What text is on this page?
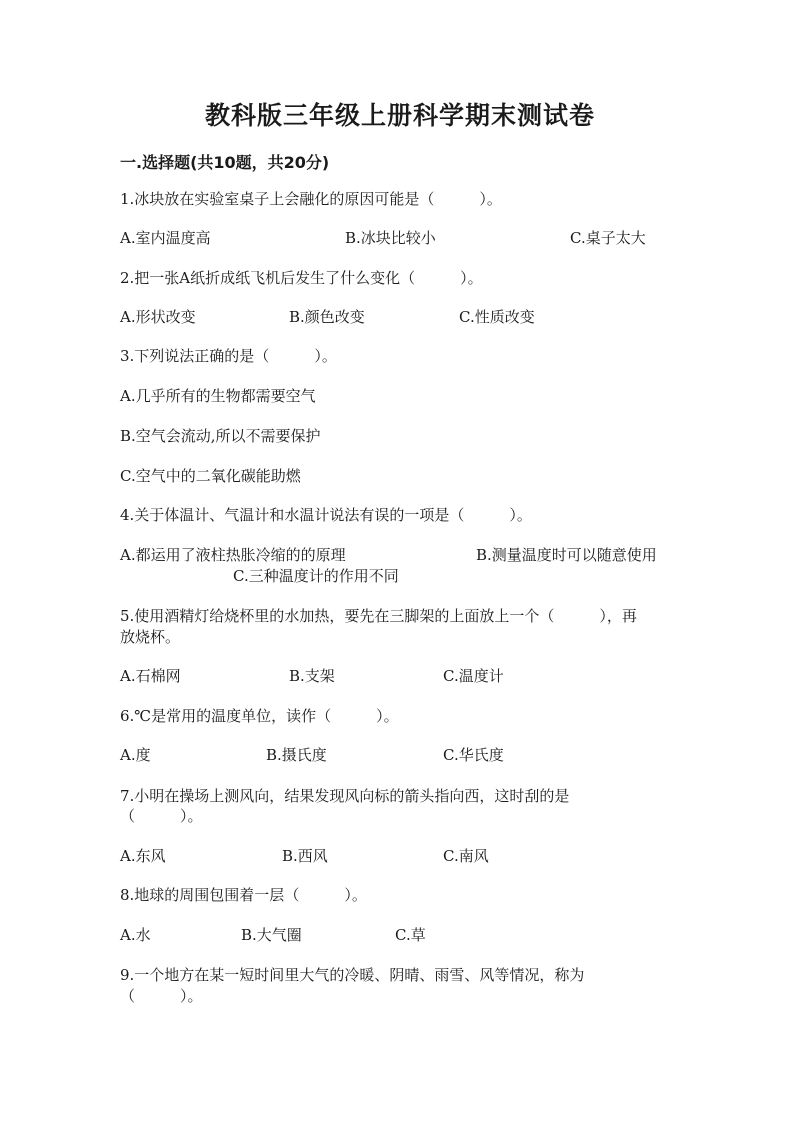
教科版三年级上册科学期末测试卷
一.选择题(共10题，共20分)
1.冰块放在实验室桌子上会融化的原因可能是（　　　）。
A.室内温度高	B.冰块比较小	C.桌子太大
2.把一张A纸折成纸飞机后发生了什么变化（　　　）。
A.形状改变	B.颜色改变	C.性质改变
3.下列说法正确的是（　　　）。
A.几乎所有的生物都需要空气
B.空气会流动,所以不需要保护
C.空气中的二氧化碳能助燃
4.关于体温计、气温计和水温计说法有误的一项是（　　　）。
A.都运用了液柱热胀冷缩的的原理	B.测量温度时可以随意使用
C.三种温度计的作用不同
5.使用酒精灯给烧杯里的水加热，要先在三脚架的上面放上一个（　　　），再
放烧杯。
A.石棉网	B.支架	C.温度计
6.℃是常用的温度单位，读作（　　　）。
A.度	B.摄氏度	C.华氏度
7.小明在操场上测风向，结果发现风向标的箭头指向西，这时刮的是
（　　　）。
A.东风	B.西风	C.南风
8.地球的周围包围着一层（　　　）。
A.水	B.大气圈	C.草
9.一个地方在某一短时间里大气的冷暖、阴晴、雨雪、风等情况，称为
（　　　）。
